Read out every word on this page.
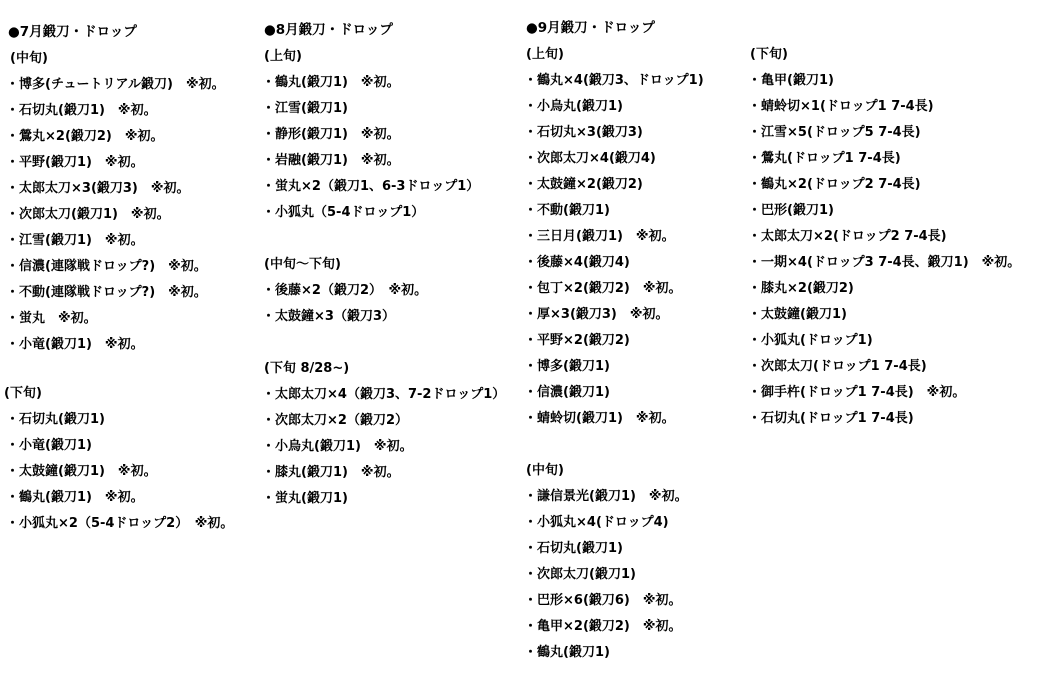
●7月鍛刀・ドロップ
(中旬)
・博多(チュートリアル鍛刀)　※初。
・石切丸(鍛刀1)　※初。
・鶯丸×2(鍛刀2)　※初。
・平野(鍛刀1)　※初。
・太郎太刀×3(鍛刀3)　※初。
・次郎太刀(鍛刀1)　※初。
・江雪(鍛刀1)　※初。
・信濃(連隊戦ドロップ?)　※初。
・不動(連隊戦ドロップ?)　※初。
・蛍丸　※初。
・小竜(鍛刀1)　※初。
(下旬)
・石切丸(鍛刀1)
・小竜(鍛刀1)
・太鼓鐘(鍛刀1)　※初。
・鶴丸(鍛刀1)　※初。
・小狐丸×2（5-4ドロップ2）　※初。
●8月鍛刀・ドロップ
(上旬)
・鶴丸(鍛刀1)　※初。
・江雪(鍛刀1)
・静形(鍛刀1)　※初。
・岩融(鍛刀1)　※初。
・蛍丸×2（鍛刀1、6-3ドロップ1）
・小狐丸（5-4ドロップ1）
(中旬～下旬)
・後藤×2（鍛刀2）　※初。
・太鼓鐘×3（鍛刀3）
(下旬 8/28~)
・太郎太刀×4（鍛刀3、7-2ドロップ1）
・次郎太刀×2（鍛刀2）
・小烏丸(鍛刀1)　※初。
・膝丸(鍛刀1)　※初。
・蛍丸(鍛刀1)
●9月鍛刀・ドロップ
(上旬)
・鶴丸×4(鍛刀3、ドロップ1)
・小烏丸(鍛刀1)
・石切丸×3(鍛刀3)
・次郎太刀×4(鍛刀4)
・太鼓鐘×2(鍛刀2)
・不動(鍛刀1)
・三日月(鍛刀1)　※初。
・後藤×4(鍛刀4)
・包丁×2(鍛刀2)　※初。
・厚×3(鍛刀3)　※初。
・平野×2(鍛刀2)
・博多(鍛刀1)
・信濃(鍛刀1)
・蜻蛉切(鍛刀1)　※初。
(中旬)
・謙信景光(鍛刀1)　※初。
・小狐丸×4(ドロップ4)
・石切丸(鍛刀1)
・次郎太刀(鍛刀1)
・巴形×6(鍛刀6)　※初。
・亀甲×2(鍛刀2)　※初。
・鶴丸(鍛刀1)
(下旬)
・亀甲(鍛刀1)
・蜻蛉切×1(ドロップ1 7-4長)
・江雪×5(ドロップ5 7-4長)
・鶯丸(ドロップ1 7-4長)
・鶴丸×2(ドロップ2 7-4長)
・巴形(鍛刀1)
・太郎太刀×2(ドロップ2 7-4長)
・一期×4(ドロップ3 7-4長、鍛刀1)　※初。
・膝丸×2(鍛刀2)
・太鼓鐘(鍛刀1)
・小狐丸(ドロップ1)
・次郎太刀(ドロップ1 7-4長)
・御手杵(ドロップ1 7-4長)　※初。
・石切丸(ドロップ1 7-4長)
